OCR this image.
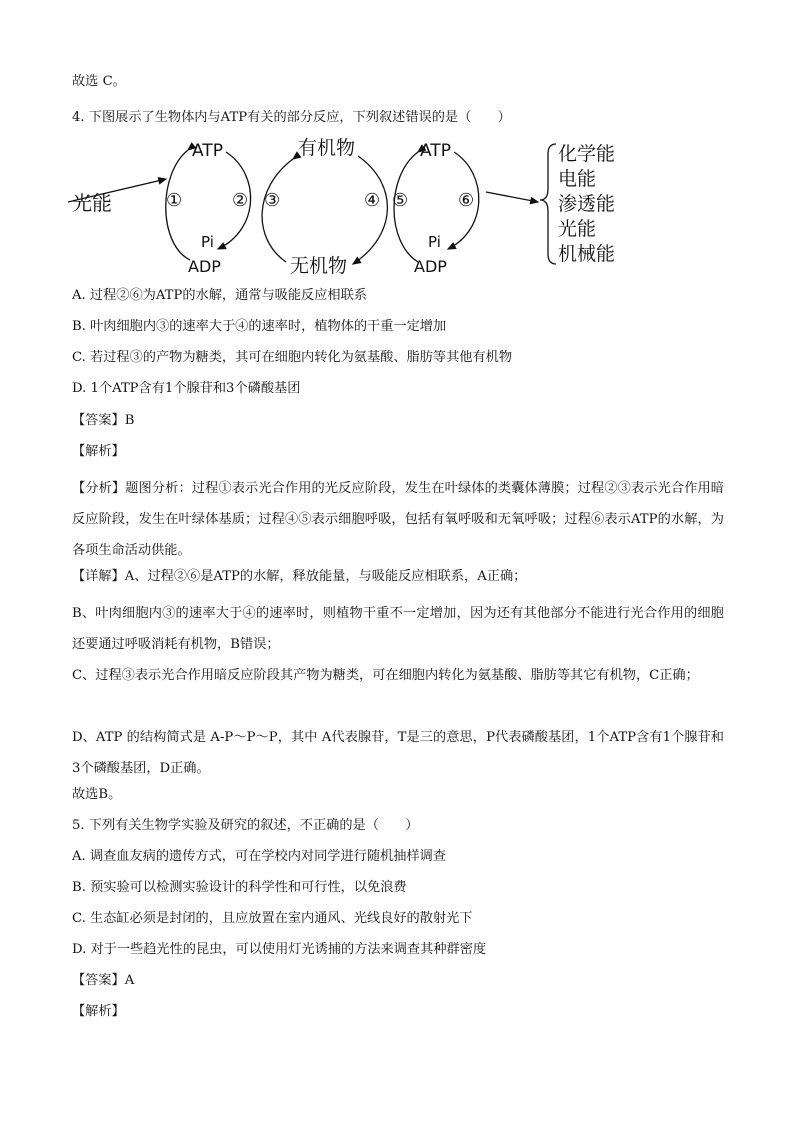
故选 C。
4. 下图展示了生物体内与ATP有关的部分反应，下列叙述错误的是（　　）
光能
ATP
Pi
ADP
①	② ③
有机物
无机物
④ ⑤	⑥
ATP
Pi
ADP
化学能
电能
渗透能
光能
机械能
A. 过程②⑥为ATP的水解，通常与吸能反应相联系
B. 叶肉细胞内③的速率大于④的速率时，植物体的干重一定增加
C. 若过程③的产物为糖类，其可在细胞内转化为氨基酸、脂肪等其他有机物
D. 1个ATP含有1个腺苷和3个磷酸基团
【答案】B
【解析】
【分析】题图分析：过程①表示光合作用的光反应阶段，发生在叶绿体的类囊体薄膜；过程②③表示光合作用暗反应阶段，发生在叶绿体基质；过程④⑤表示细胞呼吸，包括有氧呼吸和无氧呼吸；过程⑥表示ATP的水解，为各项生命活动供能。
【详解】A、过程②⑥是ATP的水解，释放能量，与吸能反应相联系，A正确；
B、叶肉细胞内③的速率大于④的速率时，则植物干重不一定增加，因为还有其他部分不能进行光合作用的细胞还要通过呼吸消耗有机物，B错误；
C、过程③表示光合作用暗反应阶段其产物为糖类，可在细胞内转化为氨基酸、脂肪等其它有机物，C正确；
D、ATP 的结构简式是 A-P～P～P，其中 A代表腺苷，T是三的意思，P代表磷酸基团，1个ATP含有1个腺苷和3个磷酸基团，D正确。
故选B。
5. 下列有关生物学实验及研究的叙述，不正确的是（　　）
A. 调查血友病的遗传方式，可在学校内对同学进行随机抽样调查
B. 预实验可以检测实验设计的科学性和可行性，以免浪费
C. 生态缸必须是封闭的，且应放置在室内通风、光线良好的散射光下
D. 对于一些趋光性的昆虫，可以使用灯光诱捕的方法来调查其种群密度
【答案】A
【解析】
